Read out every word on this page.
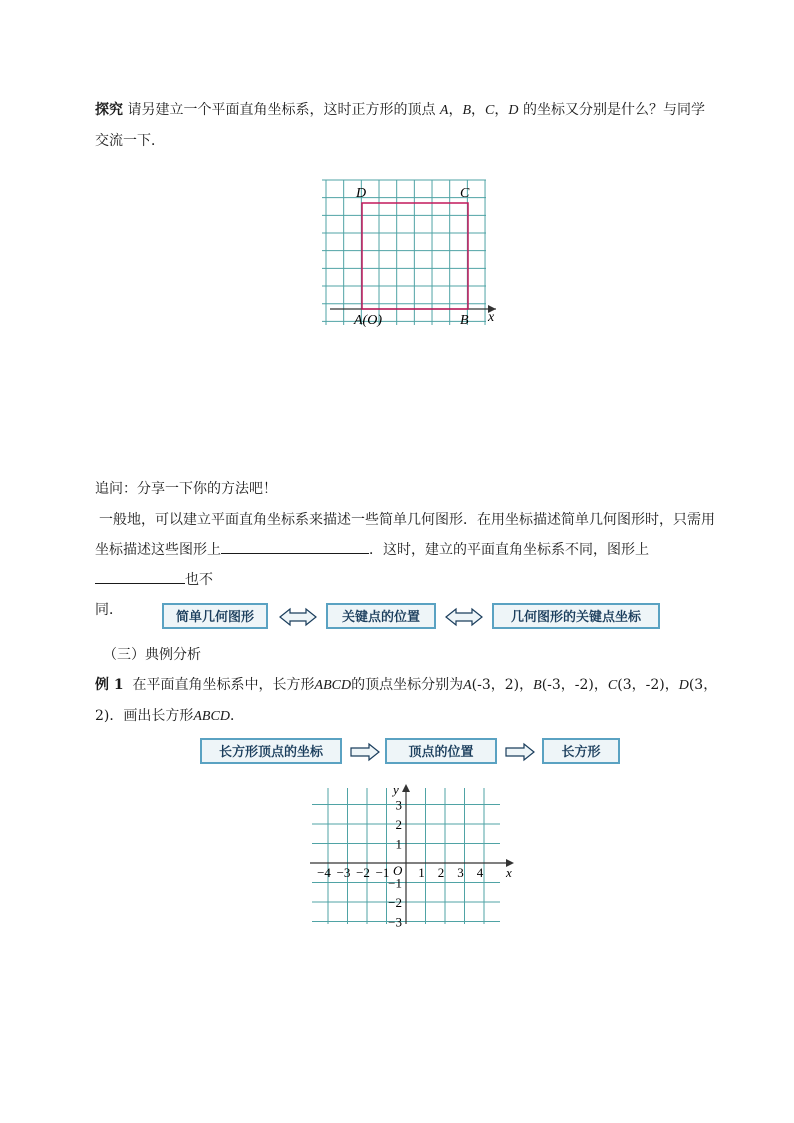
探究 请另建立一个平面直角坐标系，这时正方形的顶点 A，B，C，D 的坐标又分别是什么？与同学
交流一下．

D	C
A(O)	B x

追问：分享一下你的方法吧！

一般地，可以建立平面直角坐标系来描述一些简单几何图形．在用坐标描述简单几何图形时，只需用
坐标描述这些图形上	．这时，建立的平面直角坐标系不同，图形上也不
同．	简单几何图形	关键点的位置	几何图形的关键点坐标

（三）典例分析

例 1 在平面直角坐标系中，长方形ABCD的顶点坐标分别为A(-3，2)，B(-3，-2)，C(3，-2)，D(3，
2)．画出长方形ABCD．

长方形顶点的坐标	顶点的位置	长方形
x
y
O
−4 −3 −2 −1 1 2 3 4
3
2
1
−1
−2
−3
